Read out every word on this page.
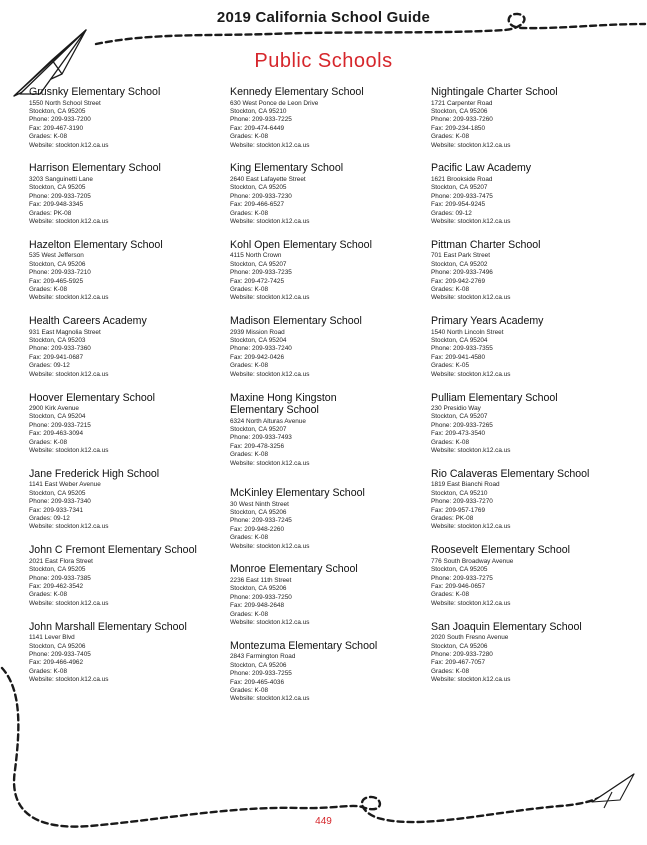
2019 California School Guide
Public Schools
Grusnky Elementary School
1550 North School Street
Stockton, CA 95205
Phone: 209-933-7200
Fax: 209-467-3190
Grades: K-08
Website: stockton.k12.ca.us
Harrison Elementary School
3203 Sanguinetti Lane
Stockton, CA 95205
Phone: 209-933-7205
Fax: 209-948-3345
Grades: PK-08
Website: stockton.k12.ca.us
Hazelton Elementary School
535 West Jefferson
Stockton, CA 95206
Phone: 209-933-7210
Fax: 209-465-5925
Grades: K-08
Website: stockton.k12.ca.us
Health Careers Academy
931 East Magnolia Street
Stockton, CA 95203
Phone: 209-933-7360
Fax: 209-941-0687
Grades: 09-12
Website: stockton.k12.ca.us
Hoover Elementary School
2900 Kirk Avenue
Stockton, CA 95204
Phone: 209-933-7215
Fax: 209-463-3094
Grades: K-08
Website: stockton.k12.ca.us
Jane Frederick High School
1141 East Weber Avenue
Stockton, CA 95205
Phone: 209-933-7340
Fax: 209-933-7341
Grades: 09-12
Website: stockton.k12.ca.us
John C Fremont Elementary School
2021 East Flora Street
Stockton, CA 95205
Phone: 209-933-7385
Fax: 209-462-3542
Grades: K-08
Website: stockton.k12.ca.us
John Marshall Elementary School
1141 Lever Blvd
Stockton, CA 95206
Phone: 209-933-7405
Fax: 209-466-4962
Grades: K-08
Website: stockton.k12.ca.us
Kennedy Elementary School
630 West Ponce de Leon Drive
Stockton, CA 95210
Phone: 209-933-7225
Fax: 209-474-6449
Grades: K-08
Website: stockton.k12.ca.us
King Elementary School
2640 East Lafayette Street
Stockton, CA 95205
Phone: 209-933-7230
Fax: 209-466-6527
Grades: K-08
Website: stockton.k12.ca.us
Kohl Open Elementary School
4115 North Crown
Stockton, CA 95207
Phone: 209-933-7235
Fax: 209-472-7425
Grades: K-08
Website: stockton.k12.ca.us
Madison Elementary School
2939 Mission Road
Stockton, CA 95204
Phone: 209-933-7240
Fax: 209-942-0426
Grades: K-08
Website: stockton.k12.ca.us
Maxine Hong Kingston Elementary School
6324 North Alturas Avenue
Stockton, CA 95207
Phone: 209-933-7493
Fax: 209-478-3256
Grades: K-08
Website: stockton.k12.ca.us
McKinley Elementary School
30 West Ninth Street
Stockton, CA 95206
Phone: 209-933-7245
Fax: 209-948-2260
Grades: K-08
Website: stockton.k12.ca.us
Monroe Elementary School
2236 East 11th Street
Stockton, CA 95206
Phone: 209-933-7250
Fax: 209-948-2648
Grades: K-08
Website: stockton.k12.ca.us
Montezuma Elementary School
2843 Farmington Road
Stockton, CA 95206
Phone: 209-933-7255
Fax: 209-465-4036
Grades: K-08
Website: stockton.k12.ca.us
Nightingale Charter School
1721 Carpenter Road
Stockton, CA 95206
Phone: 209-933-7260
Fax: 209-234-1850
Grades: K-08
Website: stockton.k12.ca.us
Pacific Law Academy
1621 Brookside Road
Stockton, CA 95207
Phone: 209-933-7475
Fax: 209-954-9245
Grades: 09-12
Website: stockton.k12.ca.us
Pittman Charter School
701 East Park Street
Stockton, CA 95202
Phone: 209-933-7496
Fax: 209-942-2769
Grades: K-08
Website: stockton.k12.ca.us
Primary Years Academy
1540 North Lincoln Street
Stockton, CA 95204
Phone: 209-933-7355
Fax: 209-941-4580
Grades: K-05
Website: stockton.k12.ca.us
Pulliam Elementary School
230 Presidio Way
Stockton, CA 95207
Phone: 209-933-7265
Fax: 209-473-3540
Grades: K-08
Website: stockton.k12.ca.us
Rio Calaveras Elementary School
1819 East Bianchi Road
Stockton, CA 95210
Phone: 209-933-7270
Fax: 209-957-1769
Grades: PK-08
Website: stockton.k12.ca.us
Roosevelt Elementary School
776 South Broadway Avenue
Stockton, CA 95205
Phone: 209-933-7275
Fax: 209-946-0657
Grades: K-08
Website: stockton.k12.ca.us
San Joaquin Elementary School
2020 South Fresno Avenue
Stockton, CA 95206
Phone: 209-933-7280
Fax: 209-467-7057
Grades: K-08
Website: stockton.k12.ca.us
449
